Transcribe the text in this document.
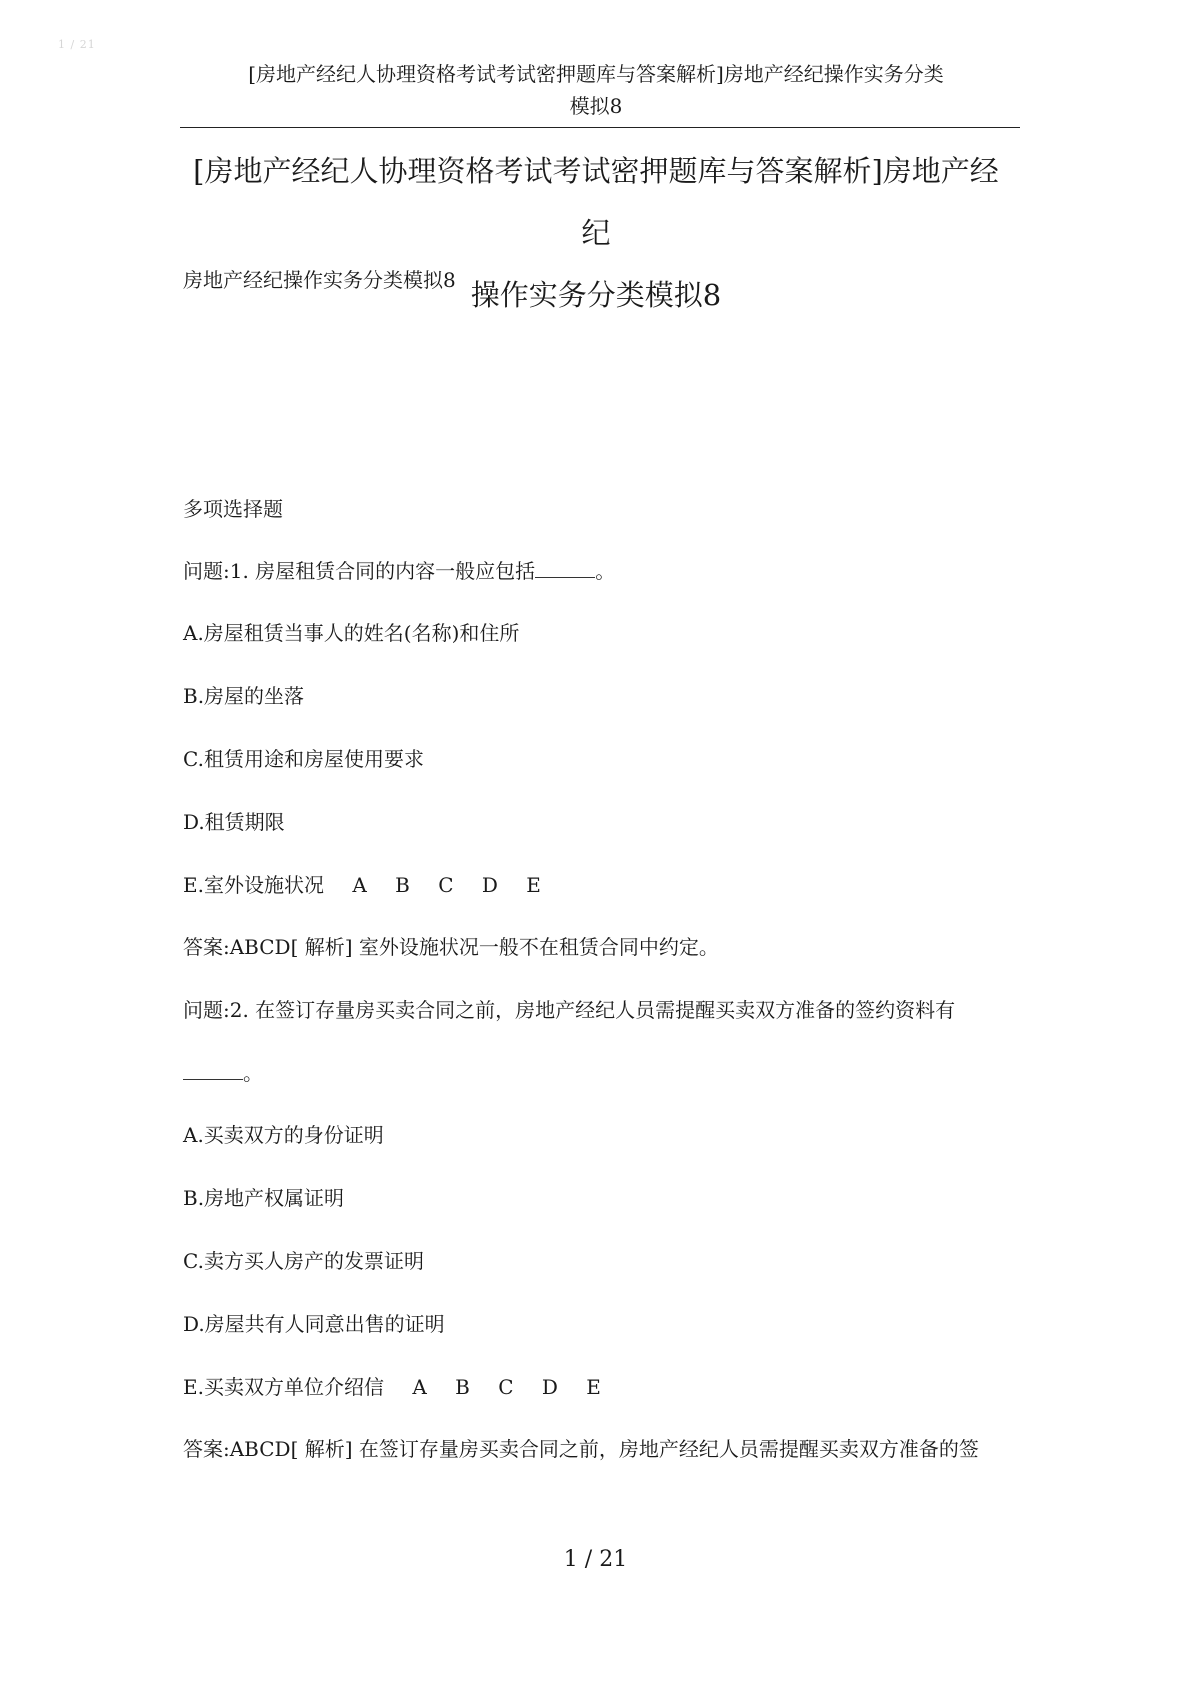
1 / 21
[房地产经纪人协理资格考试考试密押题库与答案解析]房地产经纪操作实务分类
模拟8
[房地产经纪人协理资格考试考试密押题库与答案解析]房地产经纪
操作实务分类模拟8
房地产经纪操作实务分类模拟8
多项选择题
问题:1. 房屋租赁合同的内容一般应包括	。
A.房屋租赁当事人的姓名(名称)和住所
B.房屋的坐落
C.租赁用途和房屋使用要求
D.租赁期限
E.室外设施状况 A B C D E
答案:ABCD[ 解析] 室外设施状况一般不在租赁合同中约定。
问题:2. 在签订存量房买卖合同之前，房地产经纪人员需提醒买卖双方准备的签约资料有
。
A.买卖双方的身份证明
B.房地产权属证明
C.卖方买人房产的发票证明
D.房屋共有人同意出售的证明
E.买卖双方单位介绍信 A B C D E
答案:ABCD[ 解析] 在签订存量房买卖合同之前，房地产经纪人员需提醒买卖双方准备的签
1 / 21
